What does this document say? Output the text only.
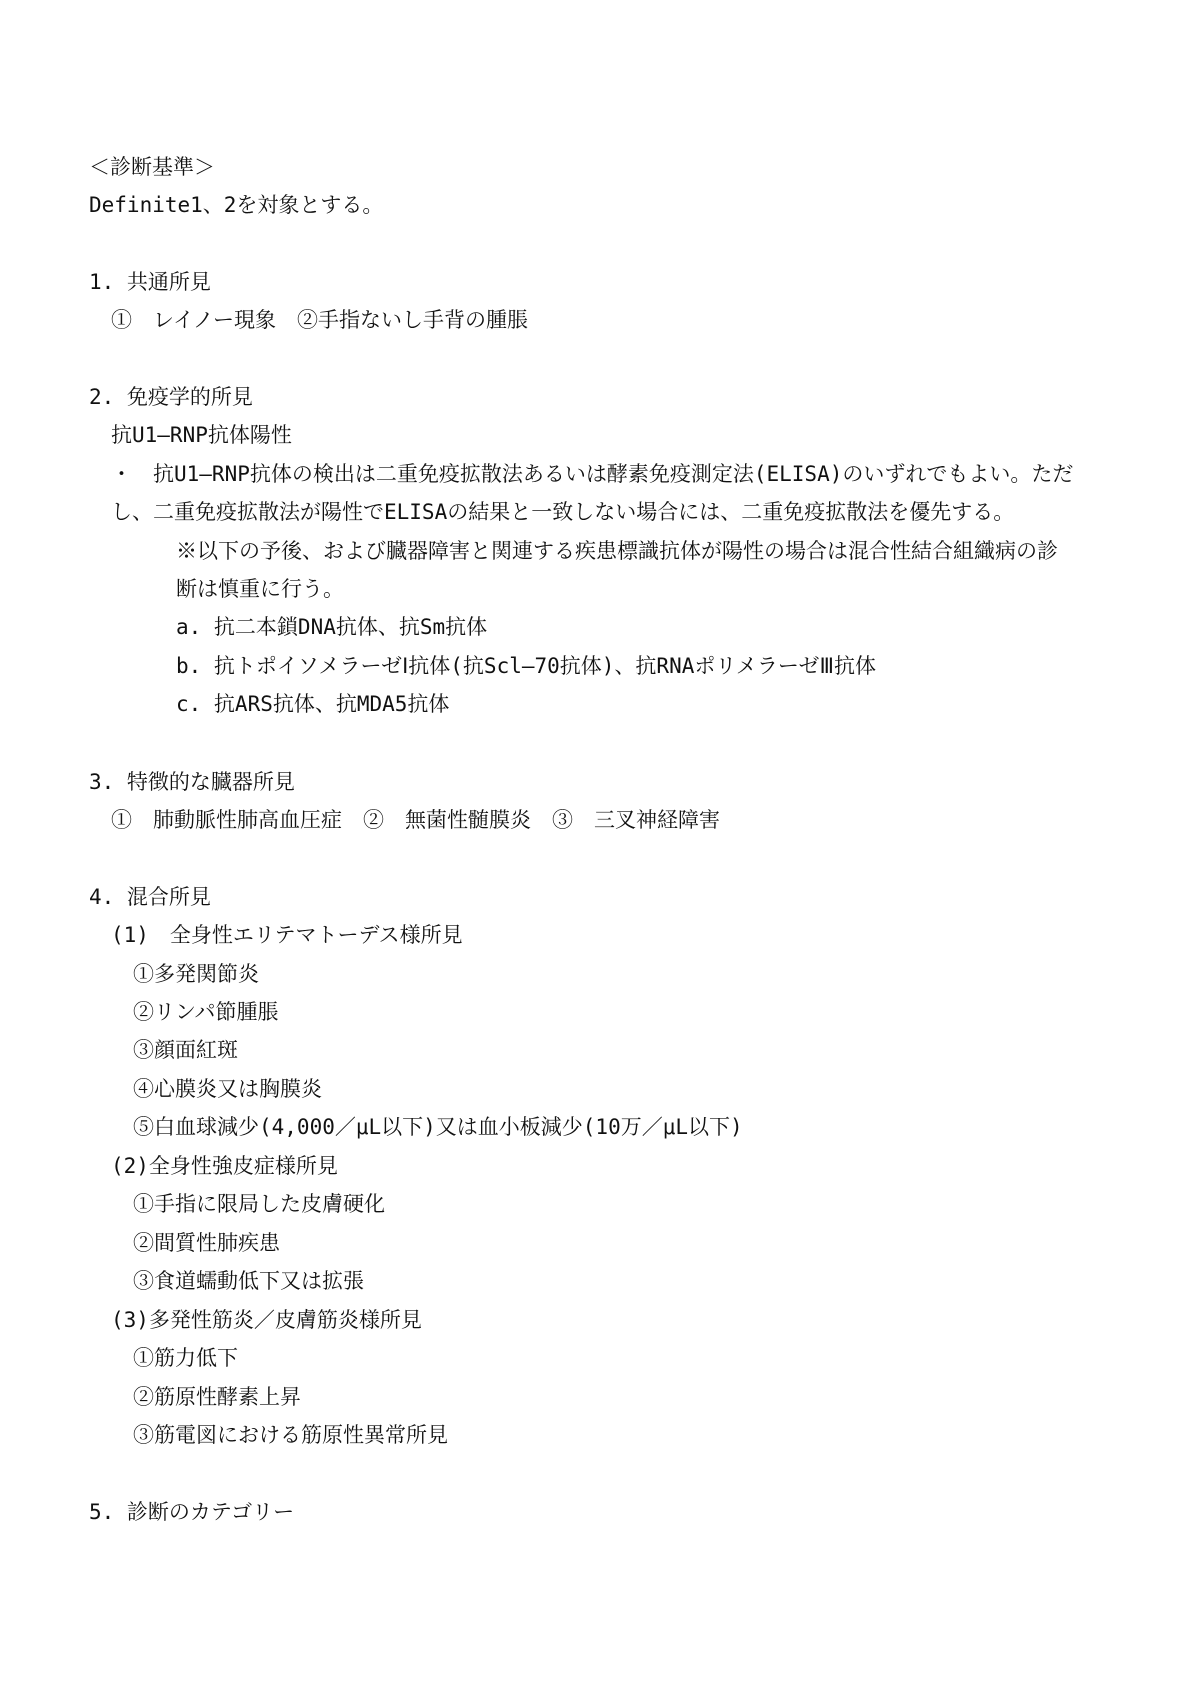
＜診断基準＞
Definite1、2を対象とする。
1. 共通所見
①　レイノー現象　②手指ないし手背の腫脹
2. 免疫学的所見
抗U1―RNP抗体陽性
・　抗U1―RNP抗体の検出は二重免疫拡散法あるいは酵素免疫測定法(ELISA)のいずれでもよい。ただ
し、二重免疫拡散法が陽性でELISAの結果と一致しない場合には、二重免疫拡散法を優先する。
※以下の予後、および臓器障害と関連する疾患標識抗体が陽性の場合は混合性結合組織病の診
断は慎重に行う。
a. 抗二本鎖DNA抗体、抗Sm抗体
b. 抗トポイソメラーゼⅠ抗体(抗Scl―70抗体)、抗RNAポリメラーゼⅢ抗体
c. 抗ARS抗体、抗MDA5抗体
3. 特徴的な臓器所見
①　肺動脈性肺高血圧症　②　無菌性髄膜炎　③　三叉神経障害
4. 混合所見
(1)　全身性エリテマトーデス様所見
①多発関節炎
②リンパ節腫脹
③顔面紅斑
④心膜炎又は胸膜炎
⑤白血球減少(4,000／μL以下)又は血小板減少(10万／μL以下)
(2)全身性強皮症様所見
①手指に限局した皮膚硬化
②間質性肺疾患
③食道蠕動低下又は拡張
(3)多発性筋炎／皮膚筋炎様所見
①筋力低下
②筋原性酵素上昇
③筋電図における筋原性異常所見
5. 診断のカテゴリー
